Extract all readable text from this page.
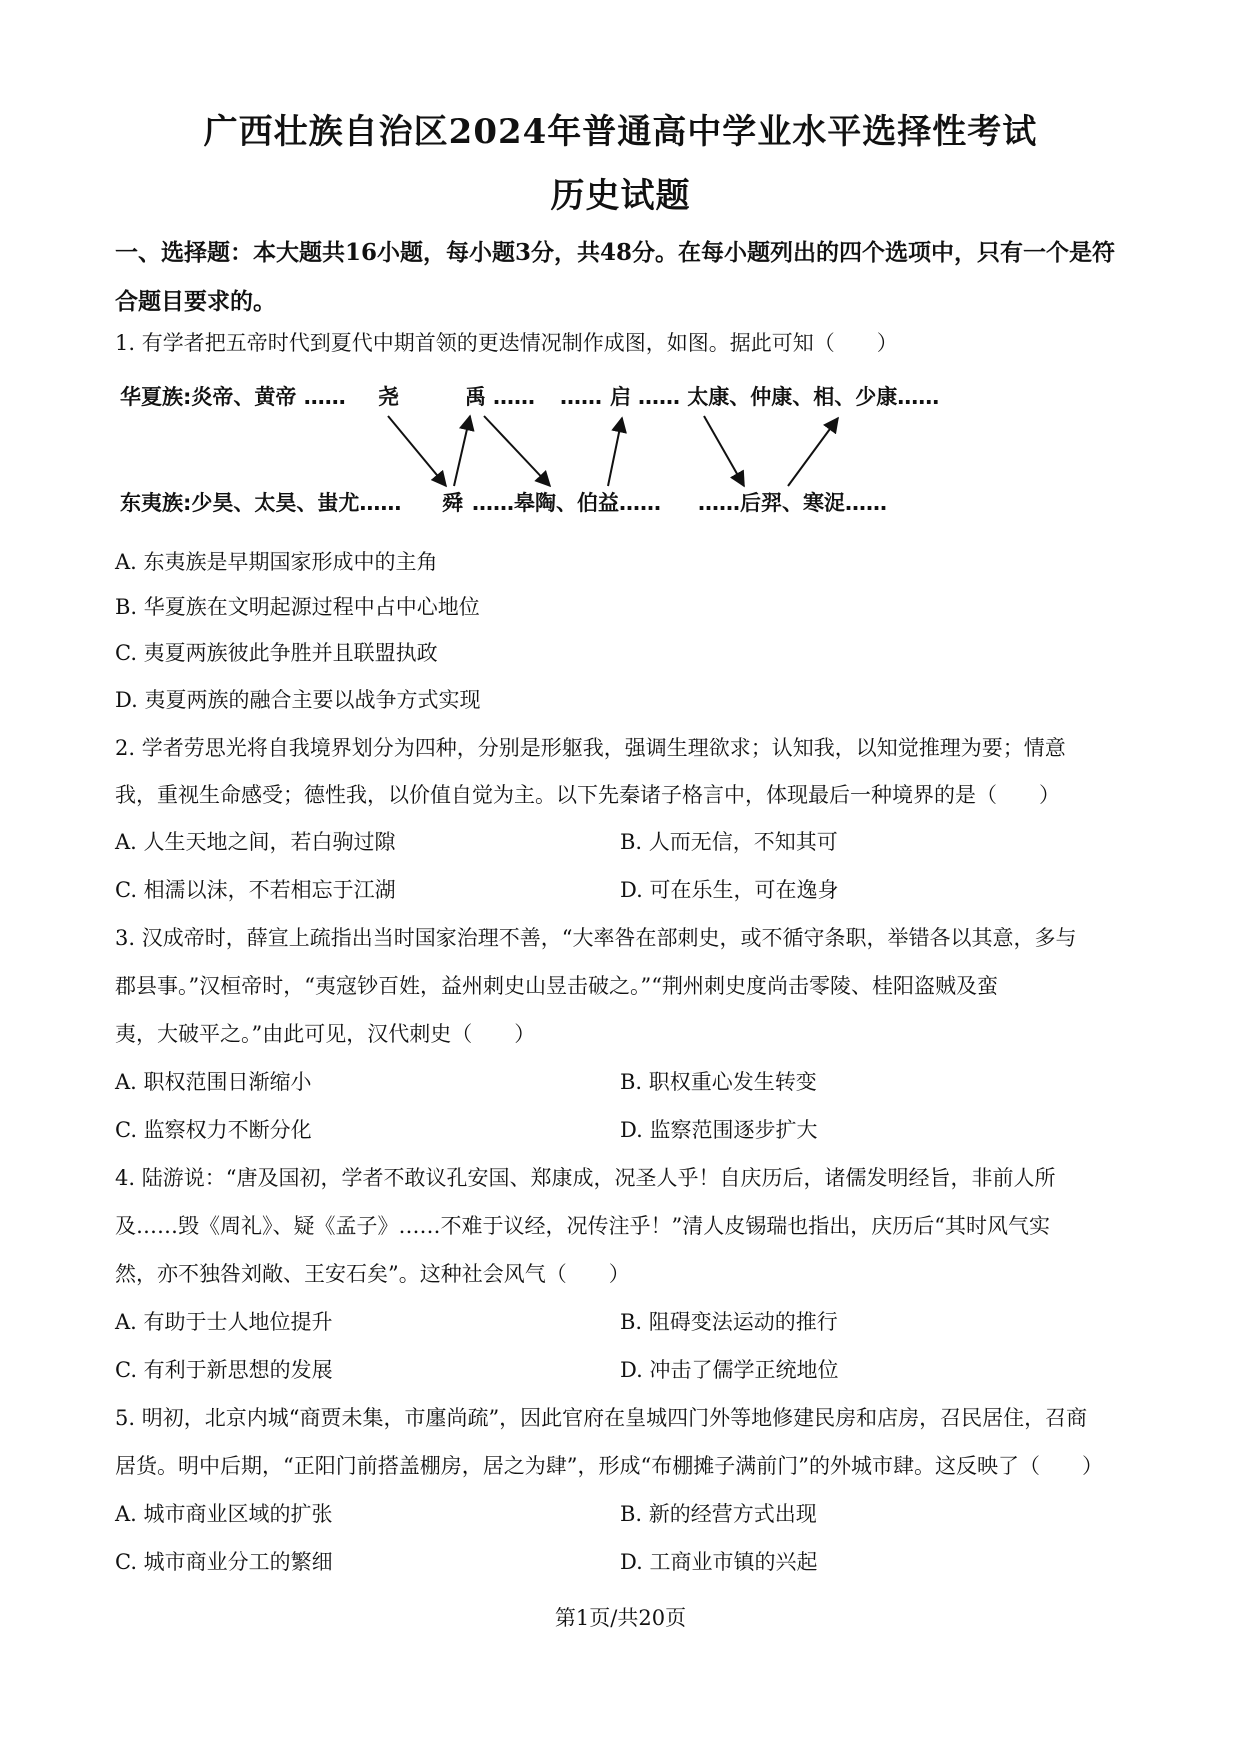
广西壮族自治区2024年普通高中学业水平选择性考试
历史试题
一、选择题：本大题共16小题，每小题3分，共48分。在每小题列出的四个选项中，只有一个是符合题目要求的。
1. 有学者把五帝时代到夏代中期首领的更迭情况制作成图，如图。据此可知（　　）
华夏族:炎帝、黄帝 …… 尧	禹 …… …… 启 …… 太康、仲康、相、少康……
东夷族:少昊、太昊、蚩尤…… 舜 ……皋陶、伯益…… ……后羿、寒浞……
A. 东夷族是早期国家形成中的主角
B. 华夏族在文明起源过程中占中心地位
C. 夷夏两族彼此争胜并且联盟执政
D. 夷夏两族的融合主要以战争方式实现
2. 学者劳思光将自我境界划分为四种，分别是形躯我，强调生理欲求；认知我，以知觉推理为要；情意
我，重视生命感受；德性我，以价值自觉为主。以下先秦诸子格言中，体现最后一种境界的是（　　）
A. 人生天地之间，若白驹过隙	B. 人而无信，不知其可
C. 相濡以沫，不若相忘于江湖	D. 可在乐生，可在逸身
3. 汉成帝时，薛宣上疏指出当时国家治理不善，“大率咎在部刺史，或不循守条职，举错各以其意，多与
郡县事。”汉桓帝时，“夷寇钞百姓，益州刺史山昱击破之。”“荆州刺史度尚击零陵、桂阳盗贼及蛮
夷，大破平之。”由此可见，汉代刺史（　　）
A. 职权范围日渐缩小	B. 职权重心发生转变
C. 监察权力不断分化	D. 监察范围逐步扩大
4. 陆游说：“唐及国初，学者不敢议孔安国、郑康成，况圣人乎！自庆历后，诸儒发明经旨，非前人所
及……毁《周礼》、疑《孟子》……不难于议经，况传注乎！”清人皮锡瑞也指出，庆历后“其时风气实
然，亦不独咎刘敞、王安石矣”。这种社会风气（　　）
A. 有助于士人地位提升	B. 阻碍变法运动的推行
C. 有利于新思想的发展	D. 冲击了儒学正统地位
5. 明初，北京内城“商贾未集，市廛尚疏”，因此官府在皇城四门外等地修建民房和店房，召民居住，召商
居货。明中后期，“正阳门前搭盖棚房，居之为肆”，形成“布棚摊子满前门”的外城市肆。这反映了（　　）
A. 城市商业区域的扩张	B. 新的经营方式出现
C. 城市商业分工的繁细	D. 工商业市镇的兴起
第1页/共20页
